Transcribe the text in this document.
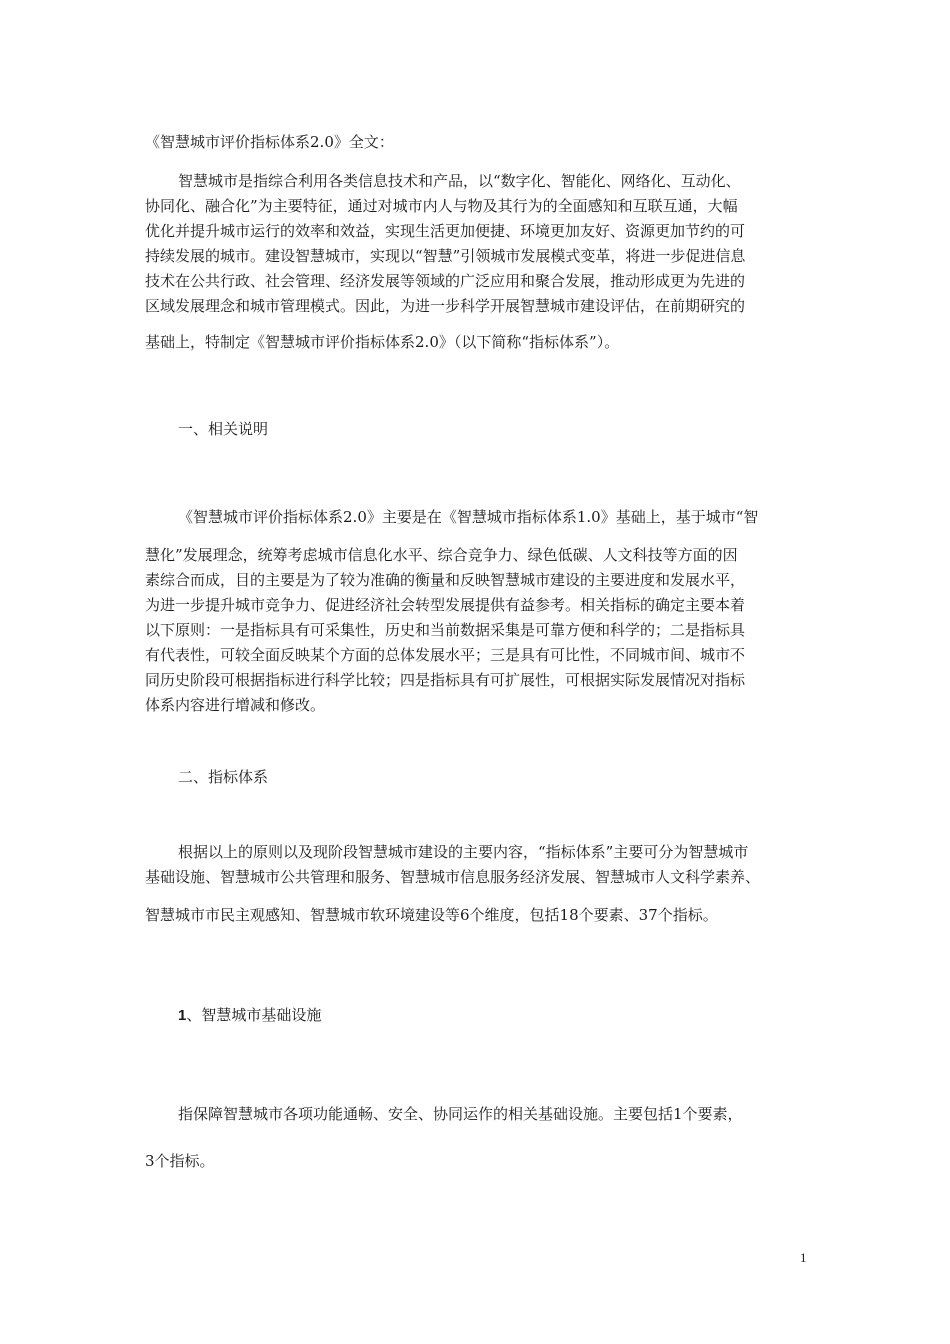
《智慧城市评价指标体系2.0》全文：
智慧城市是指综合利用各类信息技术和产品，以“数字化、智能化、网络化、互动化、
协同化、融合化”为主要特征，通过对城市内人与物及其行为的全面感知和互联互通，大幅
优化并提升城市运行的效率和效益，实现生活更加便捷、环境更加友好、资源更加节约的可
持续发展的城市。建设智慧城市，实现以“智慧”引领城市发展模式变革，将进一步促进信息
技术在公共行政、社会管理、经济发展等领域的广泛应用和聚合发展，推动形成更为先进的
区域发展理念和城市管理模式。因此，为进一步科学开展智慧城市建设评估，在前期研究的
基础上，特制定《智慧城市评价指标体系2.0》（以下简称“指标体系”）。
一、相关说明
《智慧城市评价指标体系2.0》主要是在《智慧城市指标体系1.0》基础上，基于城市“智
慧化”发展理念，统筹考虑城市信息化水平、综合竞争力、绿色低碳、人文科技等方面的因
素综合而成，目的主要是为了较为准确的衡量和反映智慧城市建设的主要进度和发展水平，
为进一步提升城市竞争力、促进经济社会转型发展提供有益参考。相关指标的确定主要本着
以下原则：一是指标具有可采集性，历史和当前数据采集是可靠方便和科学的；二是指标具
有代表性，可较全面反映某个方面的总体发展水平；三是具有可比性，不同城市间、城市不
同历史阶段可根据指标进行科学比较；四是指标具有可扩展性，可根据实际发展情况对指标
体系内容进行增减和修改。
二、指标体系
根据以上的原则以及现阶段智慧城市建设的主要内容，“指标体系”主要可分为智慧城市
基础设施、智慧城市公共管理和服务、智慧城市信息服务经济发展、智慧城市人文科学素养、
智慧城市市民主观感知、智慧城市软环境建设等6个维度，包括18个要素、37个指标。
1、智慧城市基础设施
指保障智慧城市各项功能通畅、安全、协同运作的相关基础设施。主要包括1个要素，
3个指标。
1
